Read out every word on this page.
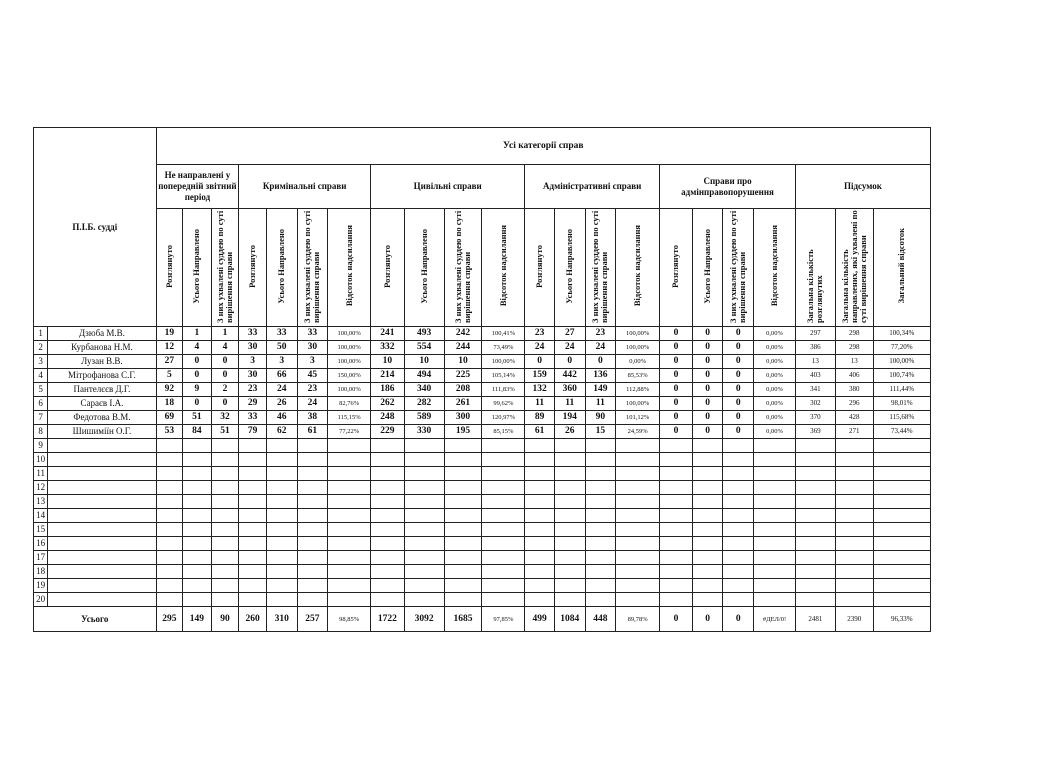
П.І.Б. судді		Усі категорії справ																					
		Не направлені у попередній звітний період			Кримінальні справи				Цивільні справи				Адміністративні справи				Справи про адмінправопорушення				Підсумок		
		Розглянуто	Усього Направлено	З них ухвалені суддею по суті вирішення справи	Розглянуто	Усього Направлено	З них ухвалені суддею по суті вирішення справи	Відсоток надсилання	Розглянуто	Усього Направлено	З них ухвалені суддею по суті вирішення справи	Відсоток надсилання	Розглянуто	Усього Направлено	З них ухвалені суддею по суті вирішення справи	Відсоток надсилання	Розглянуто	Усього Направлено	З них ухвалені суддею по суті вирішення справи	Відсоток надсилання	Загальна кількість розглянутих	Загальна кількість направлених, які ухвалені по суті вирішення справи	Загальний відсоток
1	Дзюба М.В.	19	1	1	33	33	33	100,00%	241	493	242	100,41%	23	27	23	100,00%	0	0	0	0,00%	297	298	100,34%
2	Курбанова Н.М.	12	4	4	30	50	30	100,00%	332	554	244	73,49%	24	24	24	100,00%	0	0	0	0,00%	386	298	77,20%
3	Лузан В.В.	27	0	0	3	3	3	100,00%	10	10	10	100,00%	0	0	0	0,00%	0	0	0	0,00%	13	13	100,00%
4	Мітрофанова С.Г.	5	0	0	30	66	45	150,00%	214	494	225	105,14%	159	442	136	85,53%	0	0	0	0,00%	403	406	100,74%
5	Пантелєєв Д.Г.	92	9	2	23	24	23	100,00%	186	340	208	111,83%	132	360	149	112,88%	0	0	0	0,00%	341	380	111,44%
6	Сараєв І.А.	18	0	0	29	26	24	82,76%	262	282	261	99,62%	11	11	11	100,00%	0	0	0	0,00%	302	296	98,01%
7	Федотова В.М.	69	51	32	33	46	38	115,15%	248	589	300	120,97%	89	194	90	101,12%	0	0	0	0,00%	370	428	115,68%
8	Шишиміїн О.Г.	53	84	51	79	62	61	77,22%	229	330	195	85,15%	61	26	15	24,59%	0	0	0	0,00%	369	271	73,44%
9																							
10																							
11																							
12																							
13																							
14																							
15																							
16																							
17																							
18																							
19																							
20																							
Усього		295	149	90	260	310	257	98,85%	1722	3092	1685	97,85%	499	1084	448	89,78%	0	0	0	#ДЕЛ/0!	2481	2390	96,33%
